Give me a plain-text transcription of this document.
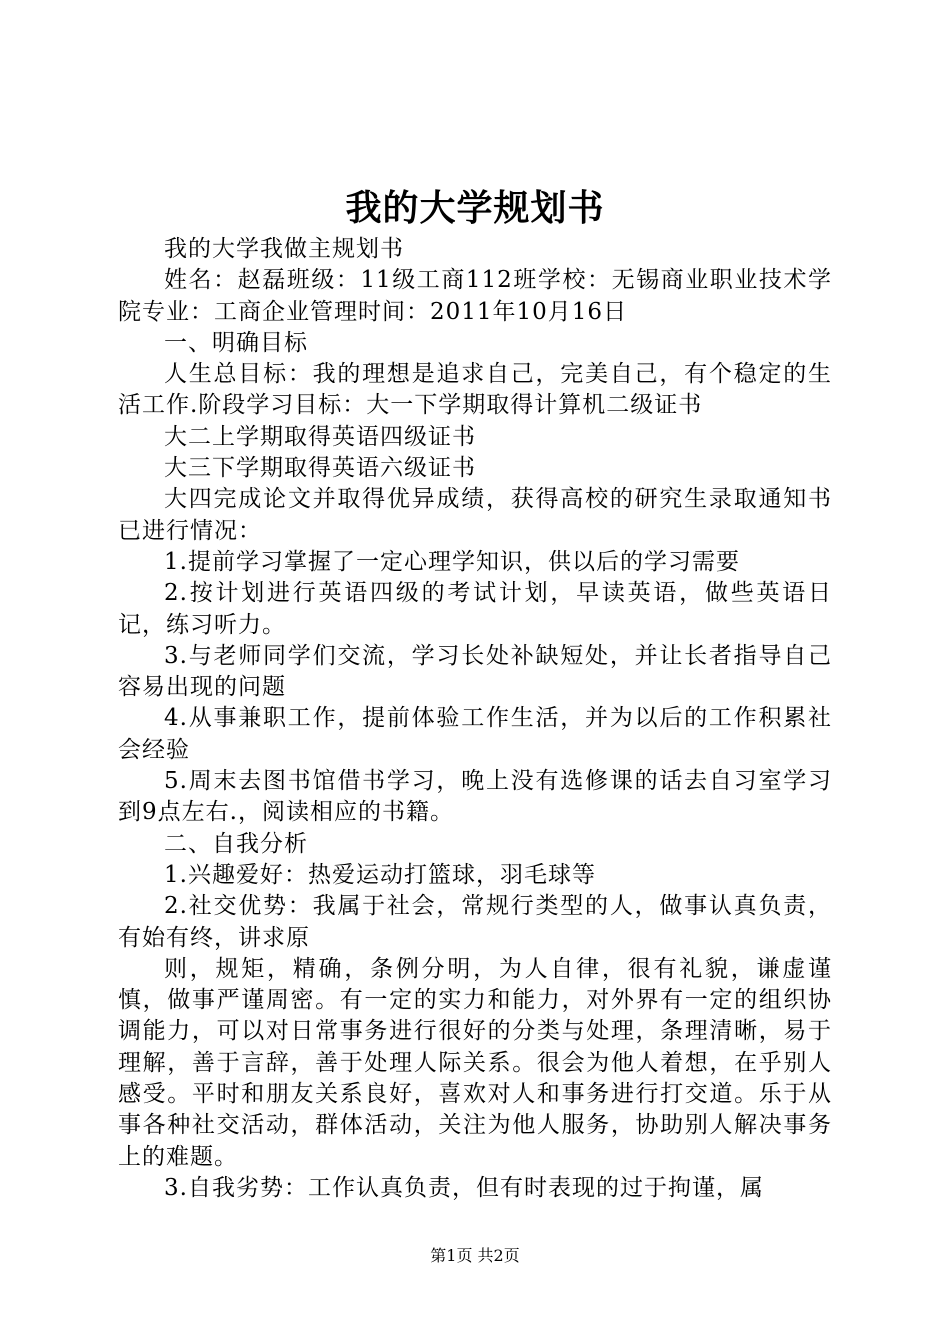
我的大学规划书

我的大学我做主规划书

姓名：赵磊班级：11级工商112班学校：无锡商业职业技术学院专业：工商企业管理时间：2011年10月16日

一、明确目标

人生总目标：我的理想是追求自己，完美自己，有个稳定的生活工作.阶段学习目标：大一下学期取得计算机二级证书

大二上学期取得英语四级证书

大三下学期取得英语六级证书

大四完成论文并取得优异成绩，获得高校的研究生录取通知书已进行情况：

1.提前学习掌握了一定心理学知识，供以后的学习需要

2.按计划进行英语四级的考试计划，早读英语，做些英语日记，练习听力。

3.与老师同学们交流，学习长处补缺短处，并让长者指导自己容易出现的问题

4.从事兼职工作，提前体验工作生活，并为以后的工作积累社会经验

5.周末去图书馆借书学习，晚上没有选修课的话去自习室学习到9点左右.，阅读相应的书籍。

二、自我分析

1.兴趣爱好：热爱运动打篮球，羽毛球等

2.社交优势：我属于社会，常规行类型的人，做事认真负责，有始有终，讲求原

则，规矩，精确，条例分明，为人自律，很有礼貌，谦虚谨慎，做事严谨周密。有一定的实力和能力，对外界有一定的组织协调能力，可以对日常事务进行很好的分类与处理，条理清晰，易于理解，善于言辞，善于处理人际关系。很会为他人着想，在乎别人感受。平时和朋友关系良好，喜欢对人和事务进行打交道。乐于从事各种社交活动，群体活动，关注为他人服务，协助别人解决事务上的难题。

3.自我劣势：工作认真负责，但有时表现的过于拘谨，属

第1页 共2页
